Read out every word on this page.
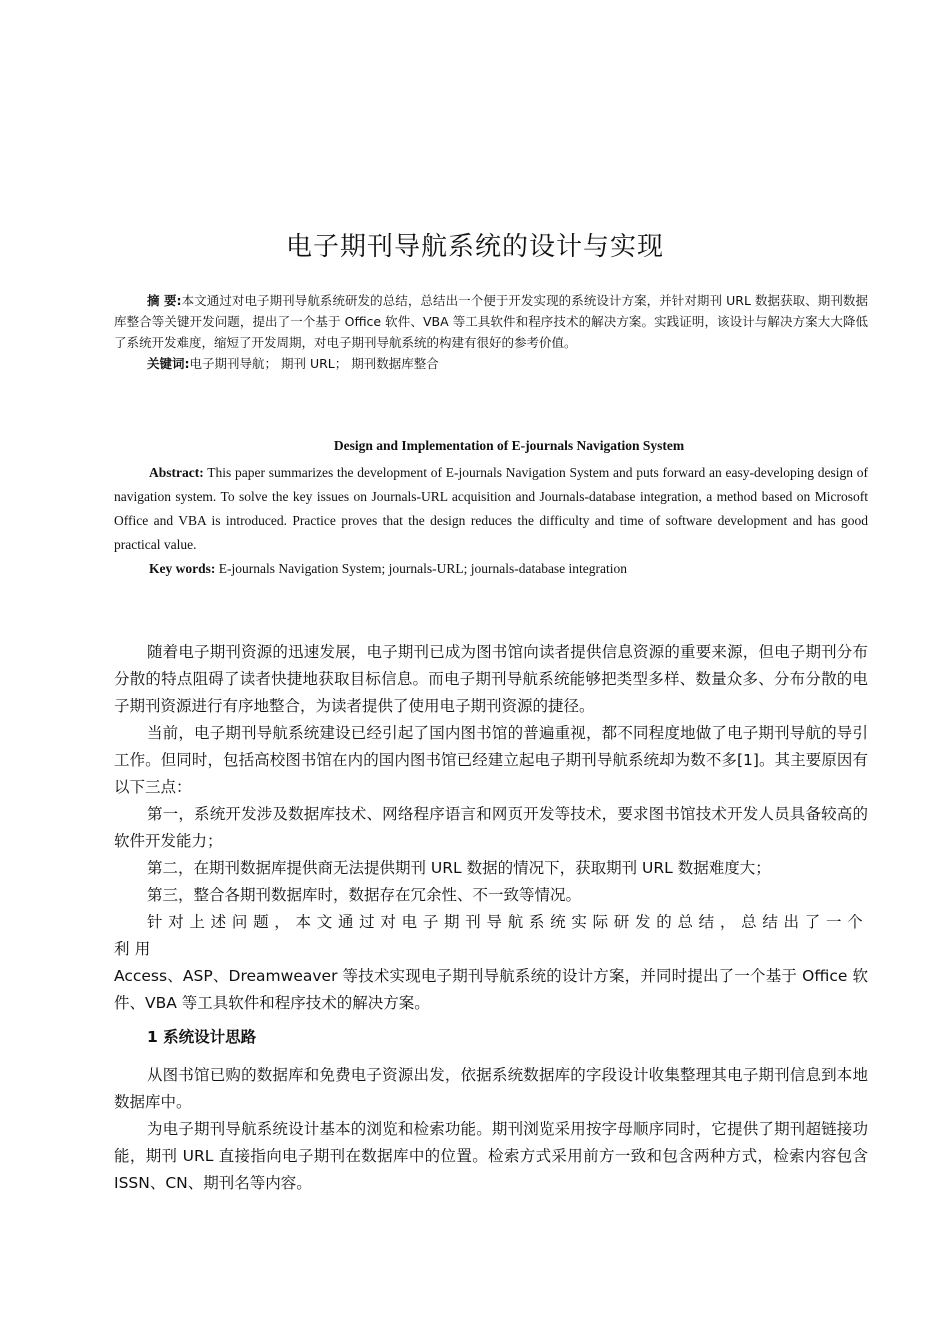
电子期刊导航系统的设计与实现

摘 要:本文通过对电子期刊导航系统研发的总结，总结出一个便于开发实现的系统设计方案，并针对期刊 URL 数据获取、期刊数据库整合等关键开发问题，提出了一个基于 Office 软件、VBA 等工具软件和程序技术的解决方案。实践证明，该设计与解决方案大大降低了系统开发难度，缩短了开发周期，对电子期刊导航系统的构建有很好的参考价值。

关键词:电子期刊导航； 期刊 URL； 期刊数据库整合

Design and Implementation of E-journals Navigation System

Abstract: This paper summarizes the development of E-journals Navigation System and puts forward an easy-developing design of navigation system. To solve the key issues on Journals-URL acquisition and Journals-database integration, a method based on Microsoft Office and VBA is introduced. Practice proves that the design reduces the difficulty and time of software development and has good practical value.

Key words: E-journals Navigation System; journals-URL; journals-database integration

随着电子期刊资源的迅速发展，电子期刊已成为图书馆向读者提供信息资源的重要来源，但电子期刊分布分散的特点阻碍了读者快捷地获取目标信息。而电子期刊导航系统能够把类型多样、数量众多、分布分散的电子期刊资源进行有序地整合，为读者提供了使用电子期刊资源的捷径。

当前，电子期刊导航系统建设已经引起了国内图书馆的普遍重视，都不同程度地做了电子期刊导航的导引工作。但同时，包括高校图书馆在内的国内图书馆已经建立起电子期刊导航系统却为数不多[1]。其主要原因有以下三点：

第一，系统开发涉及数据库技术、网络程序语言和网页开发等技术，要求图书馆技术开发人员具备较高的软件开发能力；

第二，在期刊数据库提供商无法提供期刊 URL 数据的情况下，获取期刊 URL 数据难度大；

第三，整合各期刊数据库时，数据存在冗余性、不一致等情况。

针对上述问题，本文通过对电子期刊导航系统实际研发的总结，总结出了一个利用

Access、ASP、Dreamweaver 等技术实现电子期刊导航系统的设计方案，并同时提出了一个基于 Office 软件、VBA 等工具软件和程序技术的解决方案。

1 系统设计思路

从图书馆已购的数据库和免费电子资源出发，依据系统数据库的字段设计收集整理其电子期刊信息到本地数据库中。

为电子期刊导航系统设计基本的浏览和检索功能。期刊浏览采用按字母顺序同时，它提供了期刊超链接功能，期刊 URL 直接指向电子期刊在数据库中的位置。检索方式采用前方一致和包含两种方式，检索内容包含 ISSN、CN、期刊名等内容。
